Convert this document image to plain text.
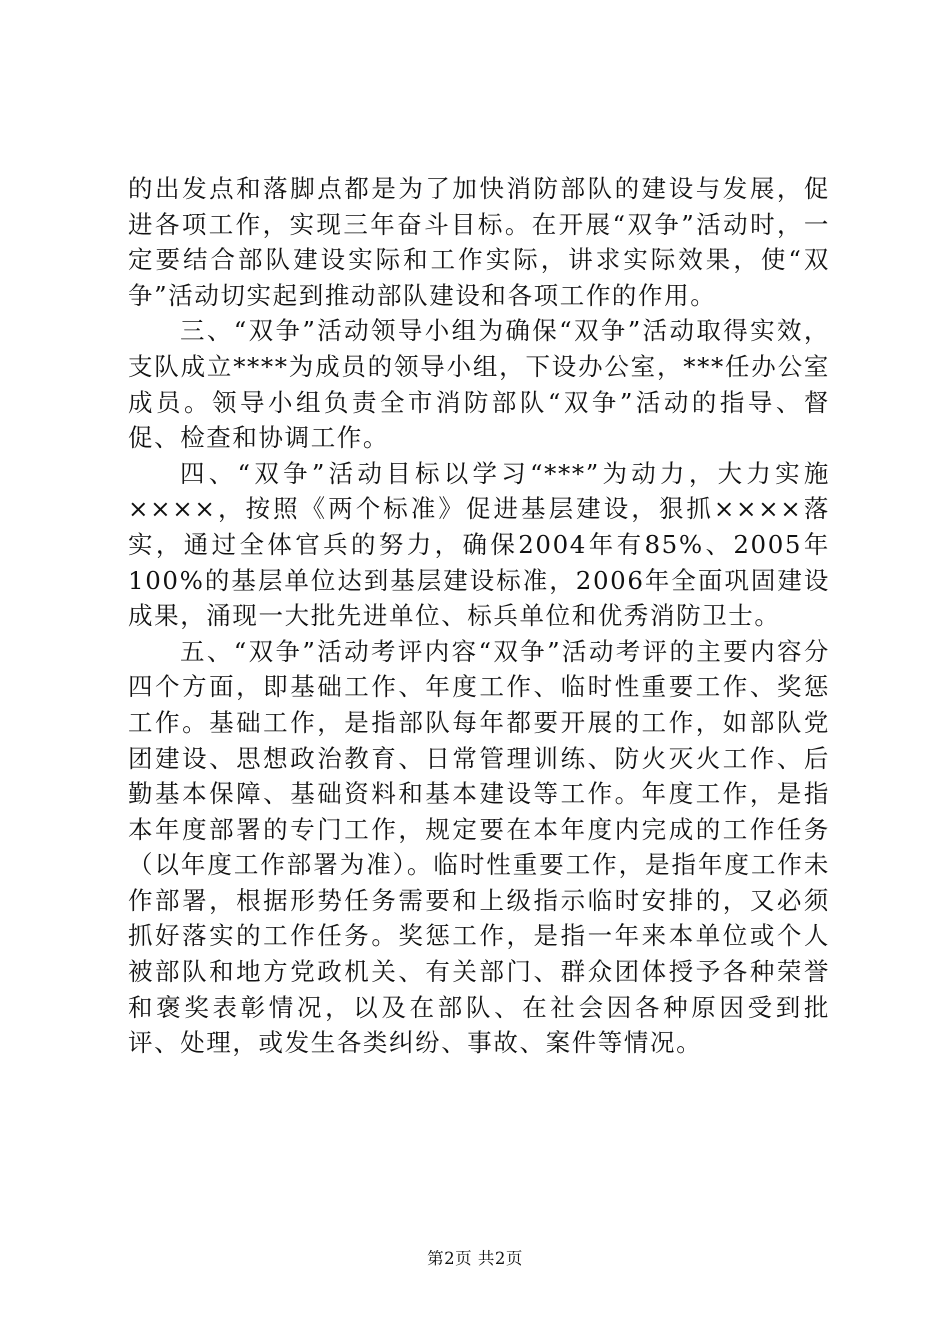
的出发点和落脚点都是为了加快消防部队的建设与发展，促进各项工作，实现三年奋斗目标。在开展“双争”活动时，一定要结合部队建设实际和工作实际，讲求实际效果，使“双争”活动切实起到推动部队建设和各项工作的作用。

三、“双争”活动领导小组为确保“双争”活动取得实效，支队成立****为成员的领导小组，下设办公室，***任办公室成员。领导小组负责全市消防部队“双争”活动的指导、督促、检查和协调工作。

四、“双争”活动目标以学习“***”为动力，大力实施××××，按照《两个标准》促进基层建设，狠抓××××落实，通过全体官兵的努力，确保2004年有85%、2005年100%的基层单位达到基层建设标准，2006年全面巩固建设成果，涌现一大批先进单位、标兵单位和优秀消防卫士。

五、“双争”活动考评内容“双争”活动考评的主要内容分四个方面，即基础工作、年度工作、临时性重要工作、奖惩工作。基础工作，是指部队每年都要开展的工作，如部队党团建设、思想政治教育、日常管理训练、防火灭火工作、后勤基本保障、基础资料和基本建设等工作。年度工作，是指本年度部署的专门工作，规定要在本年度内完成的工作任务（以年度工作部署为准）。临时性重要工作，是指年度工作未作部署，根据形势任务需要和上级指示临时安排的，又必须抓好落实的工作任务。奖惩工作，是指一年来本单位或个人被部队和地方党政机关、有关部门、群众团体授予各种荣誉和褒奖表彰情况，以及在部队、在社会因各种原因受到批评、处理，或发生各类纠纷、事故、案件等情况。

第2页 共2页
